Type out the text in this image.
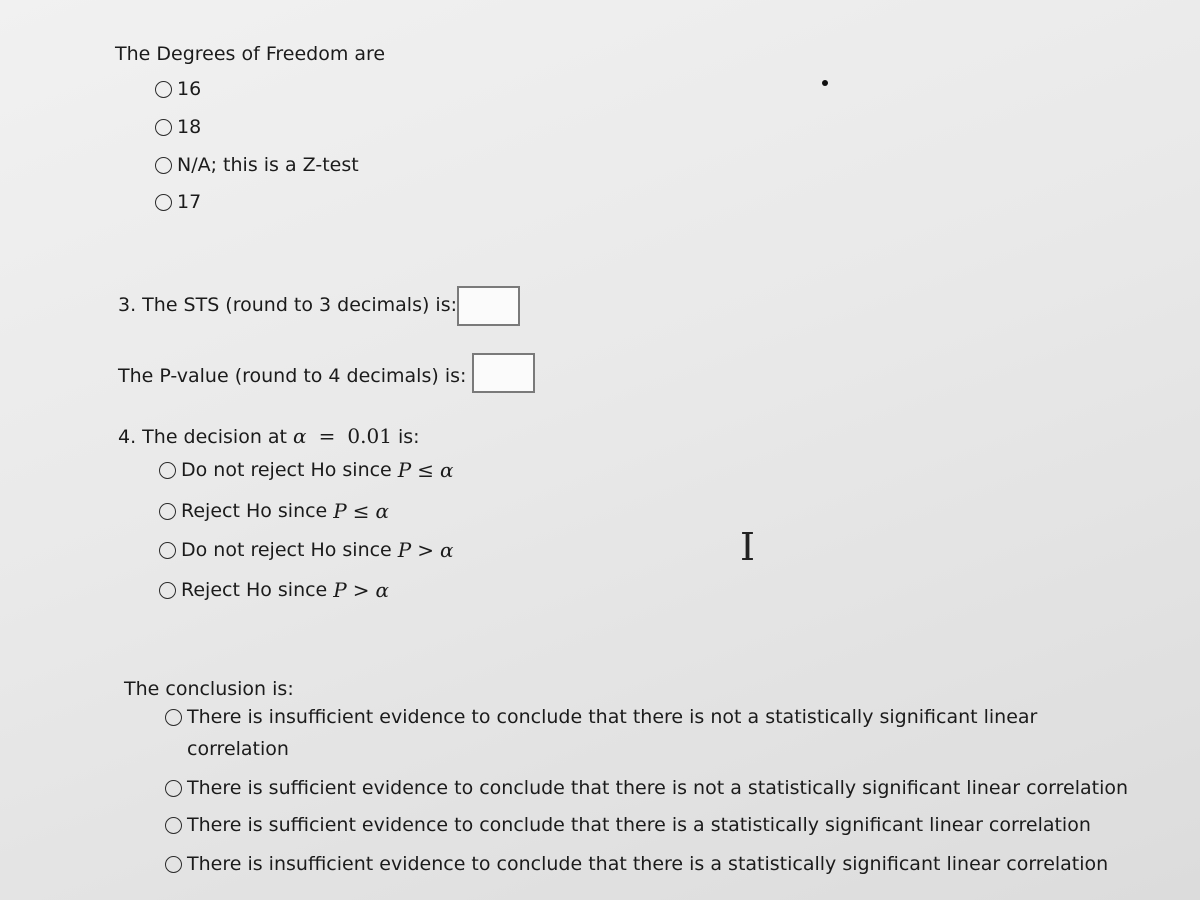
The Degrees of Freedom are
16
18
N/A; this is a Z-test
17
3. The STS (round to 3 decimals) is:
The P-value (round to 4 decimals) is:
4. The decision at α = 0.01 is:
Do not reject Ho since
P ≤ α
Reject Ho since
P ≤ α
Do not reject Ho since
P > α
Reject Ho since
P > α
I
The conclusion is:
There is insufficient evidence to conclude that there is not a statistically significant linear
correlation
There is sufficient evidence to conclude that there is not a statistically significant linear correlation
There is sufficient evidence to conclude that there is a statistically significant linear correlation
There is insufficient evidence to conclude that there is a statistically significant linear correlation
